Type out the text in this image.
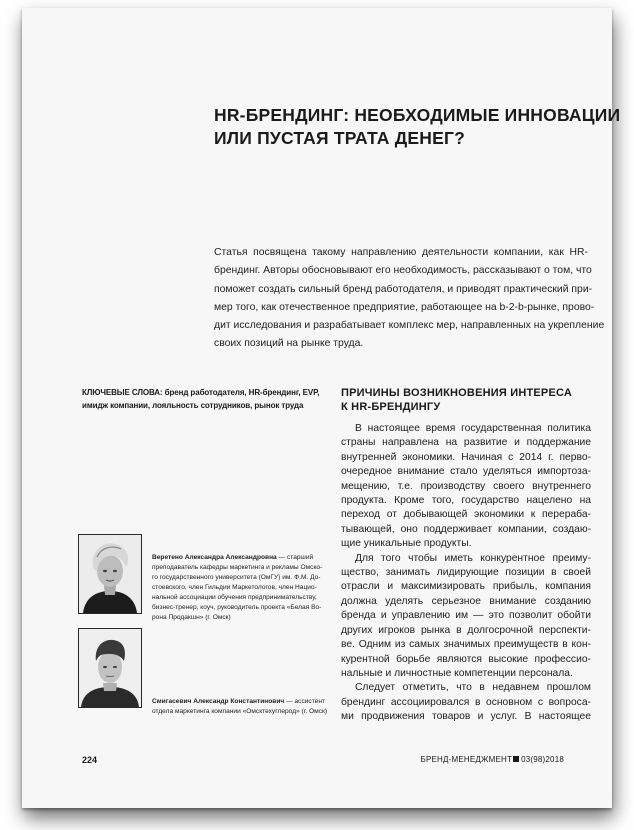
HR-БРЕНДИНГ: НЕОБХОДИМЫЕ ИННОВАЦИИ
ИЛИ ПУСТАЯ ТРАТА ДЕНЕГ?
Статья посвящена такому направлению деятельности компании, как HR-
брендинг. Авторы обосновывают его необходимость, рассказывают о том, что
поможет создать сильный бренд работодателя, и приводят практический при-
мер того, как отечественное предприятие, работающее на b-2-b-рынке, прово-
дит исследования и разрабатывает комплекс мер, направленных на укрепление
своих позиций на рынке труда.
КЛЮЧЕВЫЕ СЛОВА: бренд работодателя, HR-брендинг, EVP,
имидж компании, лояльность сотрудников, рынок труда
ПРИЧИНЫ ВОЗНИКНОВЕНИЯ ИНТЕРЕСА
К HR-БРЕНДИНГУ
В настоящее время государственная политика
страны направлена на развитие и поддержание
внутренней экономики. Начиная с 2014 г. перво-
очередное внимание стало уделяться импортоза-
мещению, т.е. производству своего внутреннего
продукта. Кроме того, государство нацелено на
переход от добывающей экономики к перераба-
тывающей, оно поддерживает компании, создаю-
щие уникальные продукты.
Для того чтобы иметь конкурентное преиму-
щество, занимать лидирующие позиции в своей
отрасли и максимизировать прибыль, компания
должна уделять серьезное внимание созданию
бренда и управлению им — это позволит обойти
других игроков рынка в долгосрочной перспекти-
ве. Одним из самых значимых преимуществ в кон-
курентной борьбе являются высокие профессио-
нальные и личностные компетенции персонала.
Следует отметить, что в недавнем прошлом
брендинг ассоциировался в основном с вопроса-
ми продвижения товаров и услуг. В настоящее
Веретено Александра Александровна — старший
преподаватель кафедры маркетинга и рекламы Омско-
го государственного университета (ОмГУ) им. Ф.М. До-
стоевского, член Гильдии Маркетологов, член Нацио-
нальной ассоциации обучения предпринимательству,
бизнес-тренер, коуч, руководитель проекта «Белая Во-
рона Продакшн» (г. Омск)
Смигасевич Александр Константинович — ассистент
отдела маркетинга компании «Омсктехуглерод» (г. Омск)
224	БРЕНД-МЕНЕДЖМЕНТ 03(98)2018
